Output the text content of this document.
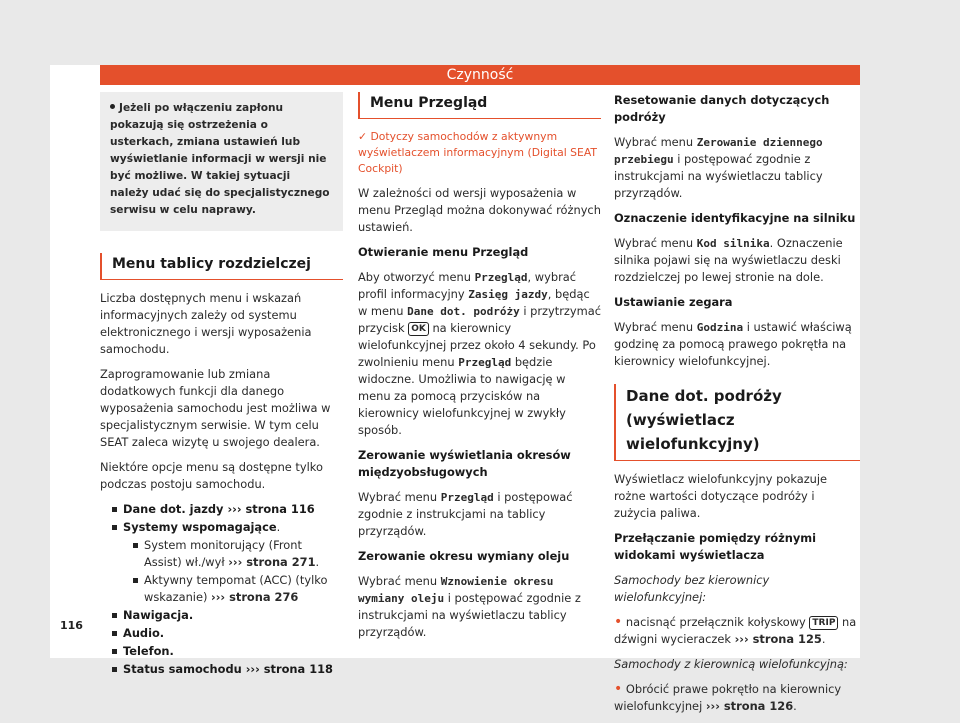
Czynność
Jeżeli po włączeniu zapłonu pokazują się ostrzeżenia o usterkach, zmiana ustawień lub wyświetlanie informacji w wersji nie być możliwe. W takiej sytuacji należy udać się do specjalistycznego serwisu w celu naprawy.
Menu tablicy rozdzielczej

Liczba dostępnych menu i wskazań informacyjnych zależy od systemu elektronicznego i wersji wyposażenia samochodu.

Zaprogramowanie lub zmiana dodatkowych funkcji dla danego wyposażenia samochodu jest możliwa w specjalistycznym serwisie. W tym celu SEAT zaleca wizytę u swojego dealera.

Niektóre opcje menu są dostępne tylko podczas postoju samochodu.

Dane dot. jazdy ››› strona 116
Systemy wspomagające.
System monitorujący (Front Assist) wł./wył ››› strona 271.
Aktywny tempomat (ACC) (tylko wskazanie) ››› strona 276
Nawigacja.
Audio.
Telefon.
Status samochodu ››› strona 118
Menu Przegląd
✓ Dotyczy samochodów z aktywnym wyświetlaczem informacyjnym (Digital SEAT Cockpit)

W zależności od wersji wyposażenia w menu Przegląd można dokonywać różnych ustawień.

Otwieranie menu Przegląd

Aby otworzyć menu Przegląd, wybrać profil informacyjny Zasięg jazdy, będąc w menu Dane dot. podróży i przytrzymać przycisk OK na kierownicy wielofunkcyjnej przez około 4 sekundy. Po zwolnieniu menu Przegląd będzie widoczne. Umożliwia to nawigację w menu za pomocą przycisków na kierownicy wielofunkcyjnej w zwykły sposób.

Zerowanie wyświetlania okresów międzyobsługowych

Wybrać menu Przegląd i postępować zgodnie z instrukcjami na tablicy przyrządów.

Zerowanie okresu wymiany oleju

Wybrać menu Wznowienie okresu wymiany oleju i postępować zgodnie z instrukcjami na wyświetlaczu tablicy przyrządów.

Resetowanie danych dotyczących podróży

Wybrać menu Zerowanie dziennego przebiegu i postępować zgodnie z instrukcjami na wyświetlaczu tablicy przyrządów.

Oznaczenie identyfikacyjne na silniku

Wybrać menu Kod silnika. Oznaczenie silnika pojawi się na wyświetlaczu deski rozdzielczej po lewej stronie na dole.

Ustawianie zegara

Wybrać menu Godzina i ustawić właściwą godzinę za pomocą prawego pokrętła na kierownicy wielofunkcyjnej.

Dane dot. podróży (wyświetlacz wielofunkcyjny)

Wyświetlacz wielofunkcyjny pokazuje rożne wartości dotyczące podróży i zużycia paliwa.

Przełączanie pomiędzy różnymi widokami wyświetlacza

Samochody bez kierownicy wielofunkcyjnej:

• nacisnąć przełącznik kołyskowy TRIP na dźwigni wycieraczek ››› strona 125.

Samochody z kierownicą wielofunkcyjną:

• Obrócić prawe pokrętło na kierownicy wielofunkcyjnej ››› strona 126.

116
